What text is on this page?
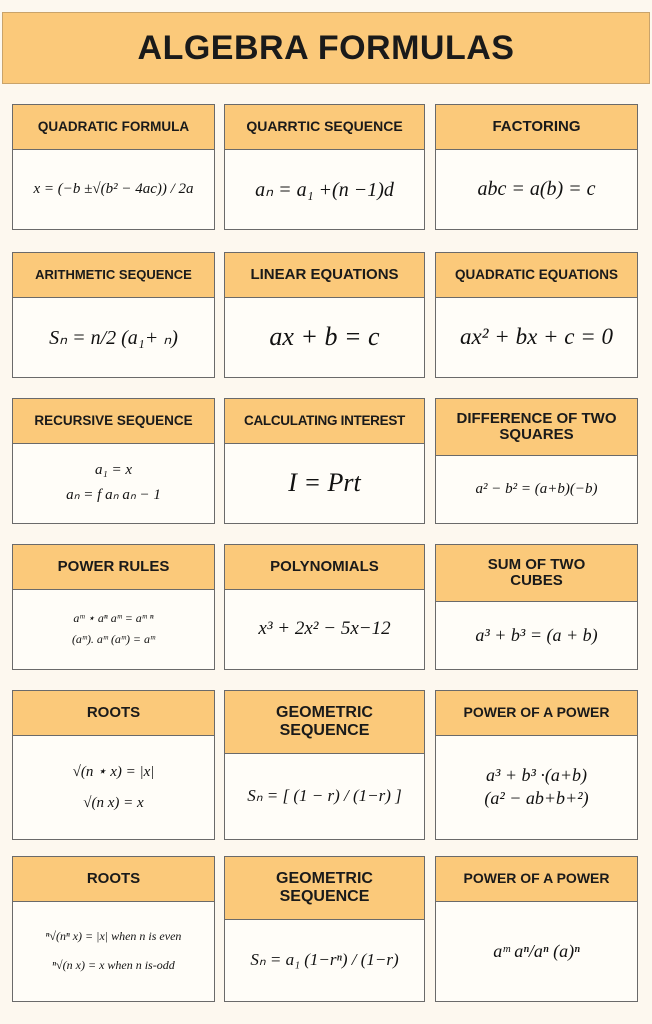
ALGEBRA FORMULAS
QUADRATIC FORMULA
x = (−b ±√(b² − 4ac)) / 2a
QUARRTIC SEQUENCE
aₙ = a₁ +(n −1)d
FACTORING
abc = a(b) = c
ARITHMETIC SEQUENCE
Sₙ = n/2 (a₁+ ₙ)
LINEAR EQUATIONS
ax + b = c
QUADRATIC EQUATIONS
ax² + bx + c = 0
RECURSIVE SEQUENCE
a₁ = x
aₙ = f aₙ aₙ − 1
CALCULATING INTEREST
I = Prt
DIFFERENCE OF TWO SQUARES
a² − b² = (a+b)(−b)
POWER RULES
aᵐ ⋆ aⁿ aᵐ = aᵐ ⁿ
(aᵐ). aᵐ (aᵐ) = aᵐ
POLYNOMIALS
x³ + 2x² − 5x−12
SUM OF TWO CUBES
a³ + b³ = (a + b)
ROOTS
√(n ⋆ x) = |x|
√(n x) = x
GEOMETRIC SEQUENCE
Sₙ = [ (1 − r) / (1−r) ]
POWER OF A POWER
a³ + b³ ·(a+b)
(a² − ab+b+²)
ROOTS
ⁿ√(nⁿ x) = |x| when n is even
ⁿ√(n x) = x when n is-odd
GEOMETRIC SEQUENCE
Sₙ = a₁ (1−rⁿ) / (1−r)
POWER OF A POWER
aᵐ aⁿ/aⁿ (a)ⁿ
